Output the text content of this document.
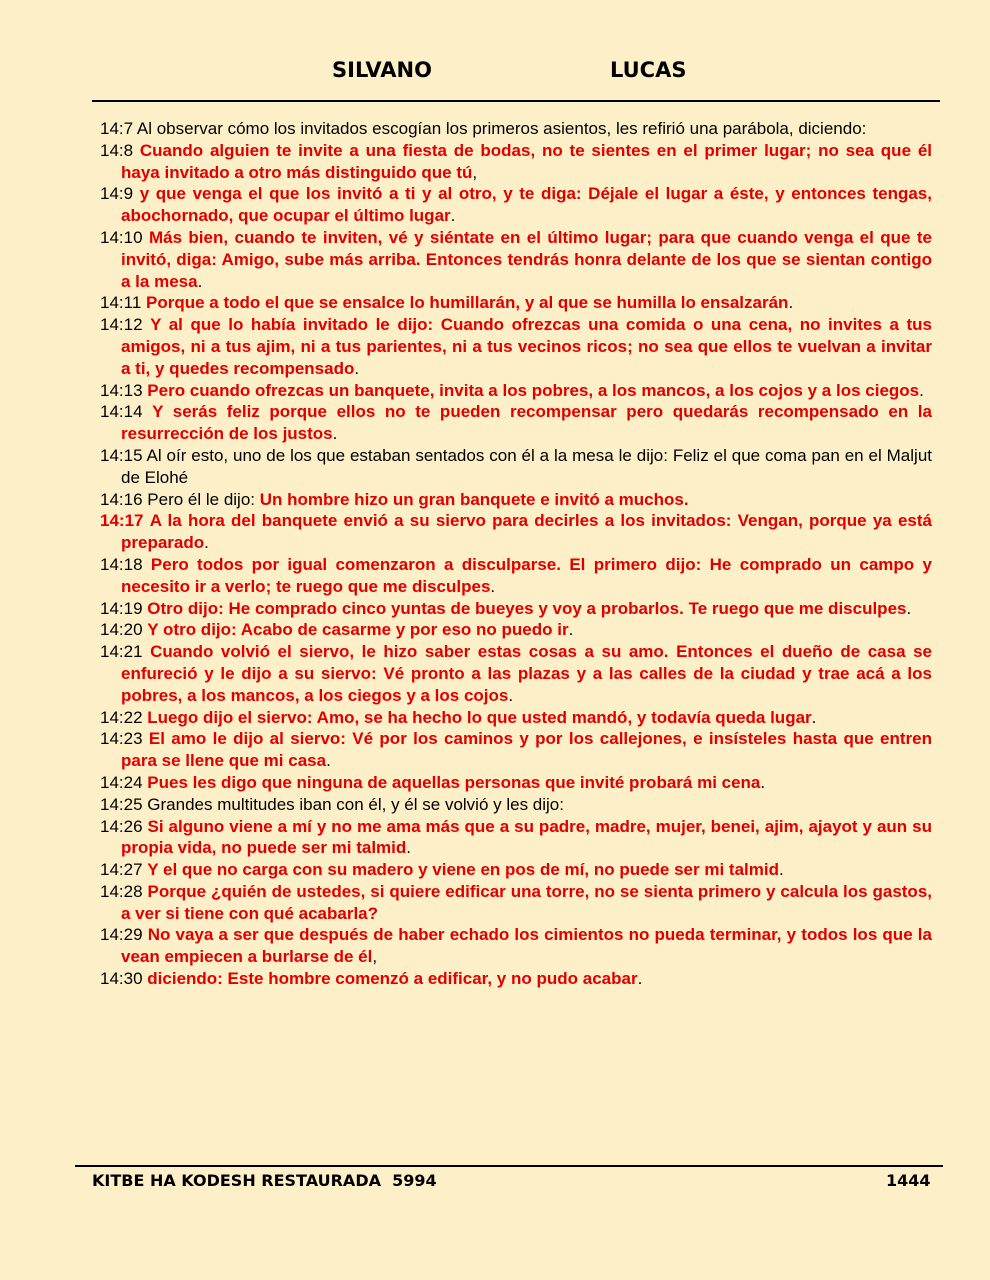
SILVANO	LUCAS

14:7 Al observar cómo los invitados escogían los primeros asientos, les refirió una parábola, diciendo:

14:8 Cuando alguien te invite a una fiesta de bodas, no te sientes en el primer lugar; no sea que él haya invitado a otro más distinguido que tú,

14:9 y que venga el que los invitó a ti y al otro, y te diga: Déjale el lugar a éste, y entonces tengas, abochornado, que ocupar el último lugar.

14:10 Más bien, cuando te inviten, vé y siéntate en el último lugar; para que cuando venga el que te invitó, diga: Amigo, sube más arriba. Entonces tendrás honra delante de los que se sientan contigo a la mesa.

14:11 Porque a todo el que se ensalce lo humillarán, y al que se humilla lo ensalzarán.

14:12 Y al que lo había invitado le dijo: Cuando ofrezcas una comida o una cena, no invites a tus amigos, ni a tus ajim, ni a tus parientes, ni a tus vecinos ricos; no sea que ellos te vuelvan a invitar a ti, y quedes recompensado.

14:13 Pero cuando ofrezcas un banquete, invita a los pobres, a los mancos, a los cojos y a los ciegos.

14:14 Y serás feliz porque ellos no te pueden recompensar pero quedarás recompensado en la resurrección de los justos.

14:15 Al oír esto, uno de los que estaban sentados con él a la mesa le dijo: Feliz el que coma pan en el Maljut de Elohé

14:16 Pero él le dijo: Un hombre hizo un gran banquete e invitó a muchos.

14:17 A la hora del banquete envió a su siervo para decirles a los invitados: Vengan, porque ya está preparado.

14:18 Pero todos por igual comenzaron a disculparse. El primero dijo: He comprado un campo y necesito ir a verlo; te ruego que me disculpes.

14:19 Otro dijo: He comprado cinco yuntas de bueyes y voy a probarlos. Te ruego que me disculpes.

14:20 Y otro dijo: Acabo de casarme y por eso no puedo ir.

14:21 Cuando volvió el siervo, le hizo saber estas cosas a su amo. Entonces el dueño de casa se enfureció y le dijo a su siervo: Vé pronto a las plazas y a las calles de la ciudad y trae acá a los pobres, a los mancos, a los ciegos y a los cojos.

14:22 Luego dijo el siervo: Amo, se ha hecho lo que usted mandó, y todavía queda lugar.

14:23 El amo le dijo al siervo: Vé por los caminos y por los callejones, e insísteles hasta que entren para se llene que mi casa.

14:24 Pues les digo que ninguna de aquellas personas que invité probará mi cena.

14:25 Grandes multitudes iban con él, y él se volvió y les dijo:

14:26 Si alguno viene a mí y no me ama más que a su padre, madre, mujer, benei, ajim, ajayot y aun su propia vida, no puede ser mi talmid.

14:27 Y el que no carga con su madero y viene en pos de mí, no puede ser mi talmid.

14:28 Porque ¿quién de ustedes, si quiere edificar una torre, no se sienta primero y calcula los gastos, a ver si tiene con qué acabarla?

14:29 No vaya a ser que después de haber echado los cimientos no pueda terminar, y todos los que la vean empiecen a burlarse de él,

14:30 diciendo: Este hombre comenzó a edificar, y no pudo acabar.

KITBE HA KODESH RESTAURADA  5994	1444
